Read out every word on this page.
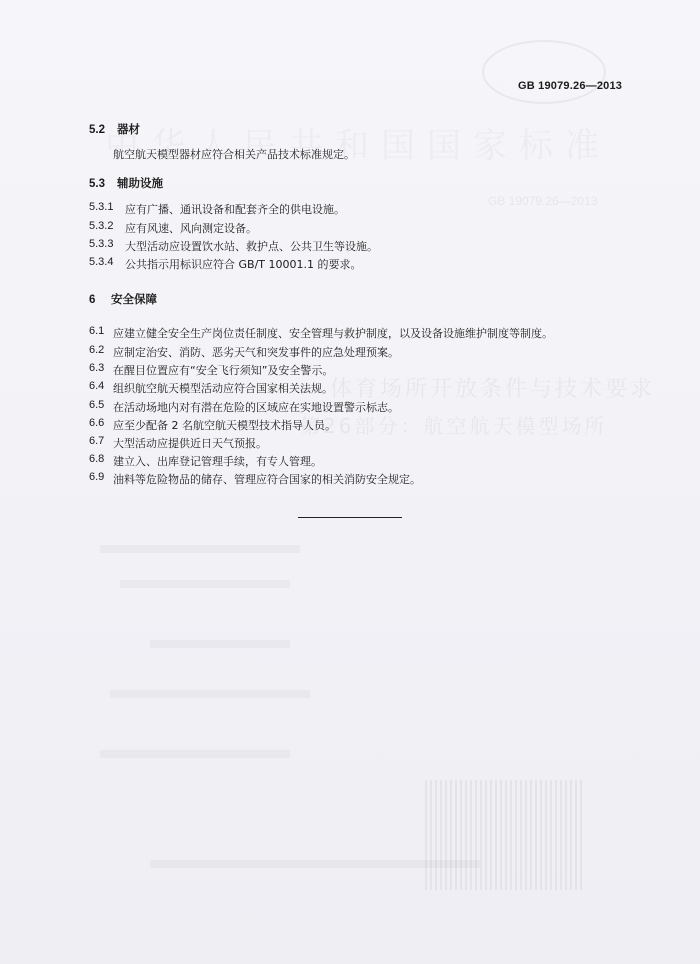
GB 19079.26—2013
体育场所开放条件与技术要求
第26部分：航空航天模型场所
GB 19079.26—2013
5.2 器材
航空航天模型器材应符合相关产品技术标准规定。
5.3 辅助设施
5.3.1 应有广播、通讯设备和配套齐全的供电设施。
5.3.2 应有风速、风向测定设备。
5.3.3 大型活动应设置饮水站、救护点、公共卫生等设施。
5.3.4 公共指示用标识应符合 GB/T 10001.1 的要求。
6 安全保障
6.1 应建立健全安全生产岗位责任制度、安全管理与救护制度，以及设备设施维护制度等制度。
6.2 应制定治安、消防、恶劣天气和突发事件的应急处理预案。
6.3 在醒目位置应有“安全飞行须知”及安全警示。
6.4 组织航空航天模型活动应符合国家相关法规。
6.5 在活动场地内对有潜在危险的区域应在实地设置警示标志。
6.6 应至少配备 2 名航空航天模型技术指导人员。
6.7 大型活动应提供近日天气预报。
6.8 建立入、出库登记管理手续，有专人管理。
6.9 油料等危险物品的储存、管理应符合国家的相关消防安全规定。
